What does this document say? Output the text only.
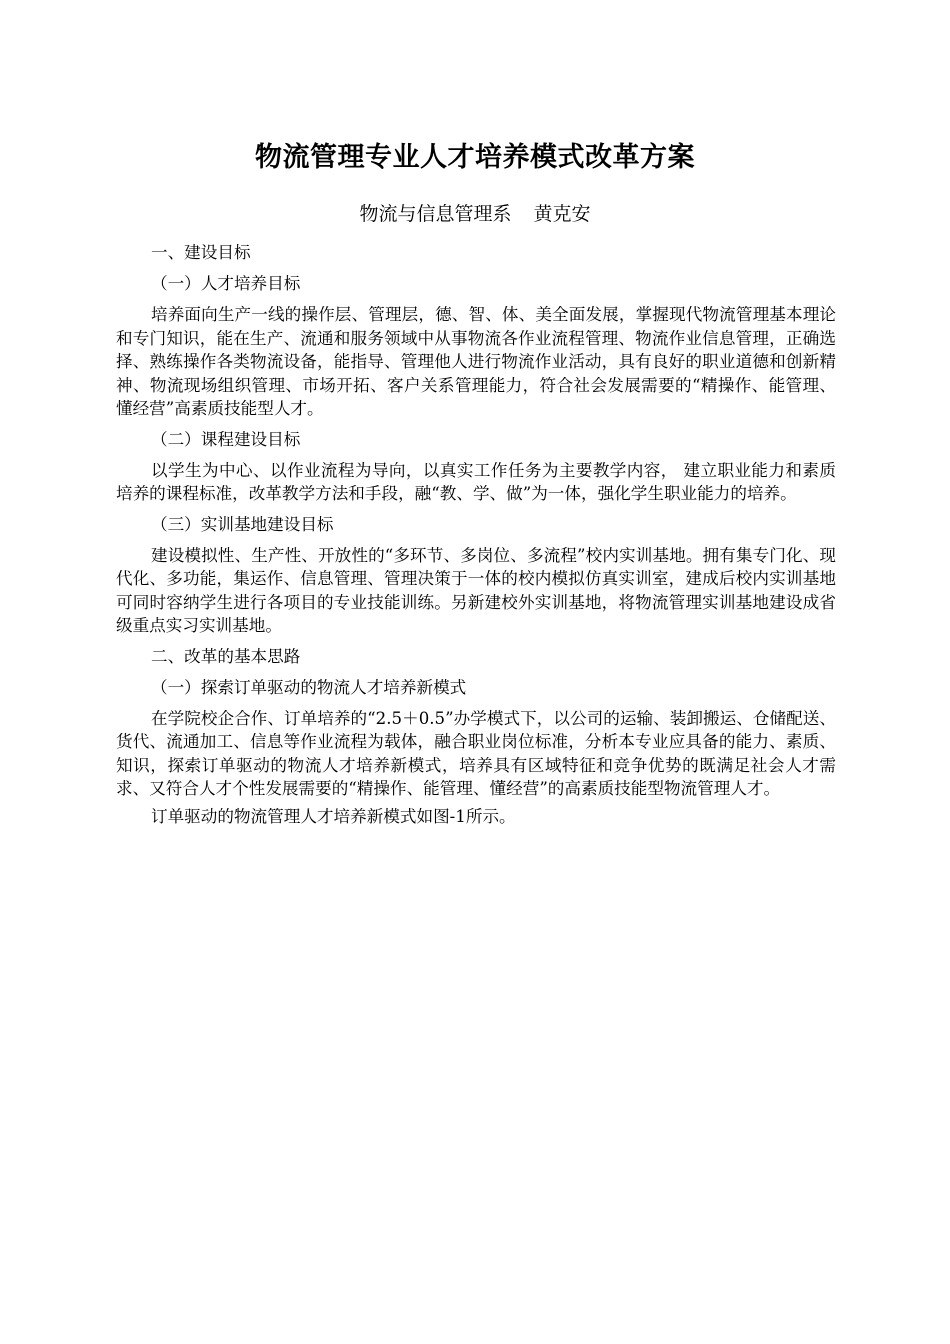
物流管理专业人才培养模式改革方案
物流与信息管理系 黄克安
一、建设目标
（一）人才培养目标
培养面向生产一线的操作层、管理层，德、智、体、美全面发展，掌握现代物流管理基本理论和专门知识，能在生产、流通和服务领域中从事物流各作业流程管理、物流作业信息管理，正确选择、熟练操作各类物流设备，能指导、管理他人进行物流作业活动，具有良好的职业道德和创新精神、物流现场组织管理、市场开拓、客户关系管理能力，符合社会发展需要的“精操作、能管理、懂经营”高素质技能型人才。
（二）课程建设目标
以学生为中心、以作业流程为导向，以真实工作任务为主要教学内容， 建立职业能力和素质培养的课程标准，改革教学方法和手段，融“教、学、做”为一体，强化学生职业能力的培养。
（三）实训基地建设目标
建设模拟性、生产性、开放性的“多环节、多岗位、多流程”校内实训基地。拥有集专门化、现代化、多功能，集运作、信息管理、管理决策于一体的校内模拟仿真实训室，建成后校内实训基地可同时容纳学生进行各项目的专业技能训练。另新建校外实训基地，将物流管理实训基地建设成省级重点实习实训基地。
二、改革的基本思路
（一）探索订单驱动的物流人才培养新模式
在学院校企合作、订单培养的“2.5＋0.5”办学模式下，以公司的运输、装卸搬运、仓储配送、货代、流通加工、信息等作业流程为载体，融合职业岗位标准，分析本专业应具备的能力、素质、知识，探索订单驱动的物流人才培养新模式，培养具有区域特征和竞争优势的既满足社会人才需求、又符合人才个性发展需要的“精操作、能管理、懂经营”的高素质技能型物流管理人才。
订单驱动的物流管理人才培养新模式如图-1所示。
